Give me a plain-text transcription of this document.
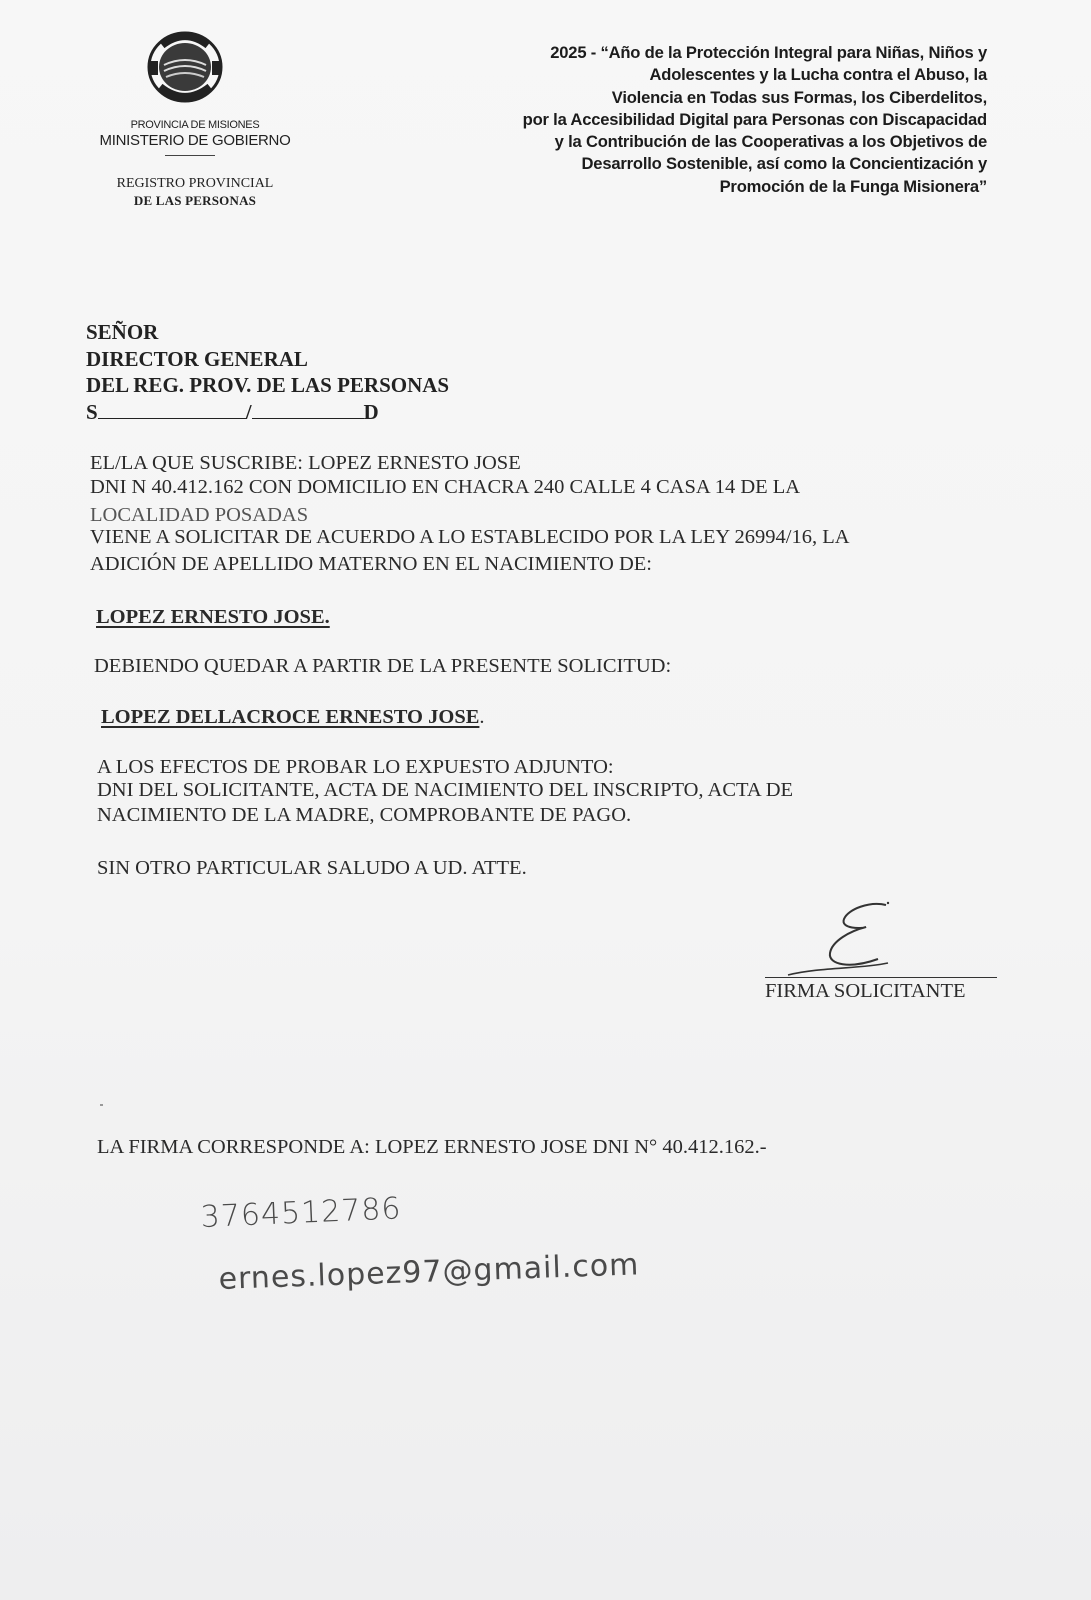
PROVINCIA DE MISIONES
MINISTERIO DE GOBIERNO
REGISTRO PROVINCIAL
DE LAS PERSONAS
2025 - “Año de la Protección Integral para Niñas, Niños y
Adolescentes y la Lucha contra el Abuso, la
Violencia en Todas sus Formas, los Ciberdelitos,
por la Accesibilidad Digital para Personas con Discapacidad
y la Contribución de las Cooperativas a los Objetivos de
Desarrollo Sostenible, así como la Concientización y
Promoción de la Funga Misionera”
SEÑOR
DIRECTOR GENERAL
DEL REG. PROV. DE LAS PERSONAS
S	/	D
EL/LA QUE SUSCRIBE: LOPEZ ERNESTO JOSE
DNI N 40.412.162 CON DOMICILIO EN CHACRA 240 CALLE 4 CASA 14 DE LA
LOCALIDAD POSADAS
VIENE A SOLICITAR DE ACUERDO A LO ESTABLECIDO POR LA LEY 26994/16, LA
ADICIÓN DE APELLIDO MATERNO EN EL NACIMIENTO DE:
LOPEZ ERNESTO JOSE.
DEBIENDO QUEDAR A PARTIR DE LA PRESENTE SOLICITUD:
LOPEZ DELLACROCE ERNESTO JOSE.
A LOS EFECTOS DE PROBAR LO EXPUESTO ADJUNTO:
DNI DEL SOLICITANTE, ACTA DE NACIMIENTO DEL INSCRIPTO, ACTA DE
NACIMIENTO DE LA MADRE, COMPROBANTE DE PAGO.
SIN OTRO PARTICULAR SALUDO A UD. ATTE.
FIRMA SOLICITANTE
LA FIRMA CORRESPONDE A: LOPEZ ERNESTO JOSE DNI N° 40.412.162.-
3764512786
ernes.lopez97@gmail.com
